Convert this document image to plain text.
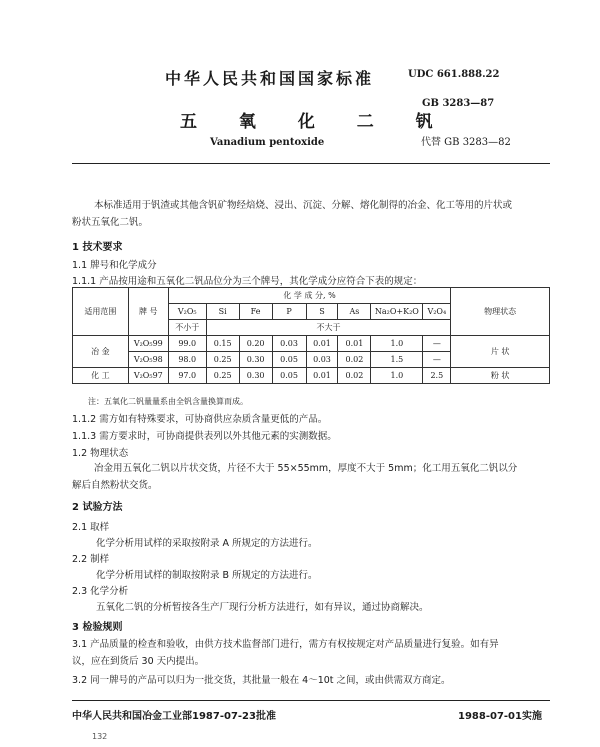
中华人民共和国国家标准	UDC 661.888.22
GB 3283—87
五 氧 化 二 钒
Vanadium pentoxide	代替 GB 3283—82
本标准适用于钒渣或其他含钒矿物经焙烧、浸出、沉淀、分解、熔化制得的冶金、化工等用的片状或
粉状五氧化二钒。
1 技术要求
1.1 牌号和化学成分
1.1.1 产品按用途和五氧化二钒品位分为三个牌号，其化学成分应符合下表的规定：
适用范围	牌 号	化 学 成 分, %								物理状态
		V₂O₅	Si	Fe	P	S	As	Na₂O+K₂O	V₂O₄	
		不小于	不大于							
冶 金	V₂O₅99	99.0	0.15	0.20	0.03	0.01	0.01	1.0	—	片 状
	V₂O₅98	98.0	0.25	0.30	0.05	0.03	0.02	1.5	—	
化 工	V₂O₅97	97.0	0.25	0.30	0.05	0.01	0.02	1.0	2.5	粉 状
注：五氧化二钒量量系由全钒含量换算而成。
1.1.2 需方如有特殊要求，可协商供应杂质含量更低的产品。
1.1.3 需方要求时，可协商提供表列以外其他元素的实测数据。
1.2 物理状态
冶金用五氧化二钒以片状交货，片径不大于 55×55mm，厚度不大于 5mm；化工用五氧化二钒以分
解后自然粉状交货。
2 试验方法
2.1 取样
化学分析用试样的采取按附录 A 所规定的方法进行。
2.2 制样
化学分析用试样的制取按附录 B 所规定的方法进行。
2.3 化学分析
五氧化二钒的分析暂按各生产厂现行分析方法进行，如有异议，通过协商解决。
3 检验规则
3.1 产品质量的检查和验收，由供方技术监督部门进行，需方有权按规定对产品质量进行复验。如有异
议，应在到货后 30 天内提出。
3.2 同一牌号的产品可以归为一批交货，其批量一般在 4～10t 之间，或由供需双方商定。
中华人民共和国冶金工业部1987-07-23批准	1988-07-01实施
132
